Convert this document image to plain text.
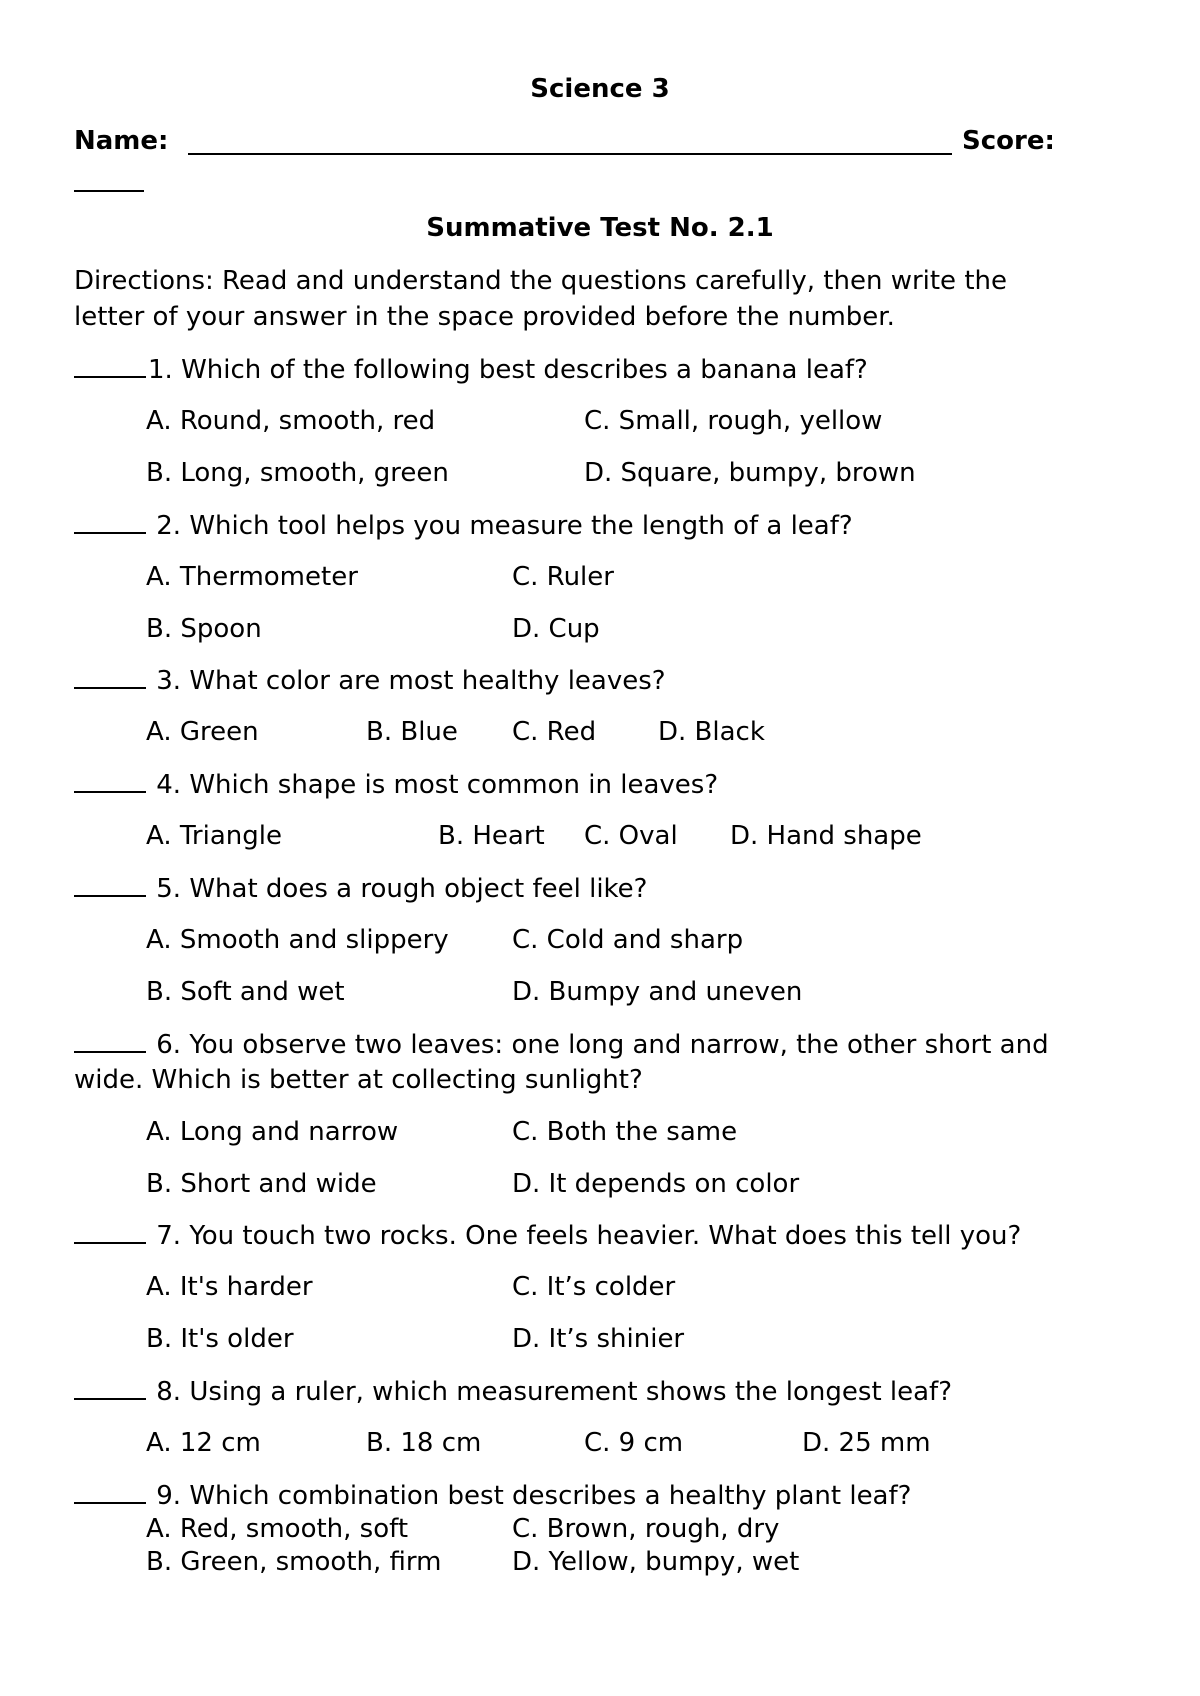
Science 3
Name:	Score:
Summative Test No. 2.1
Directions: Read and understand the questions carefully, then write the
letter of your answer in the space provided before the number.
1. Which of the following best describes a banana leaf?
A. Round, smooth, red	C. Small, rough, yellow
B. Long, smooth, green	D. Square, bumpy, brown
2. Which tool helps you measure the length of a leaf?
A. Thermometer	C. Ruler
B. Spoon	D. Cup
3. What color are most healthy leaves?
A. Green	B. Blue C. Red D. Black
4. Which shape is most common in leaves?
A. Triangle	B. Heart C. Oval D. Hand shape
5. What does a rough object feel like?
A. Smooth and slippery C. Cold and sharp
B. Soft and wet	D. Bumpy and uneven
6. You observe two leaves: one long and narrow, the other short and
wide. Which is better at collecting sunlight?
A. Long and narrow	C. Both the same
B. Short and wide	D. It depends on color
7. You touch two rocks. One feels heavier. What does this tell you?
A. It's harder	C. It’s colder
B. It's older	D. It’s shinier
8. Using a ruler, which measurement shows the longest leaf?
A. 12 cm	B. 18 cm	C. 9 cm	D. 25 mm
9. Which combination best describes a healthy plant leaf?
A. Red, smooth, soft	C. Brown, rough, dry
B. Green, smooth, firm	D. Yellow, bumpy, wet
